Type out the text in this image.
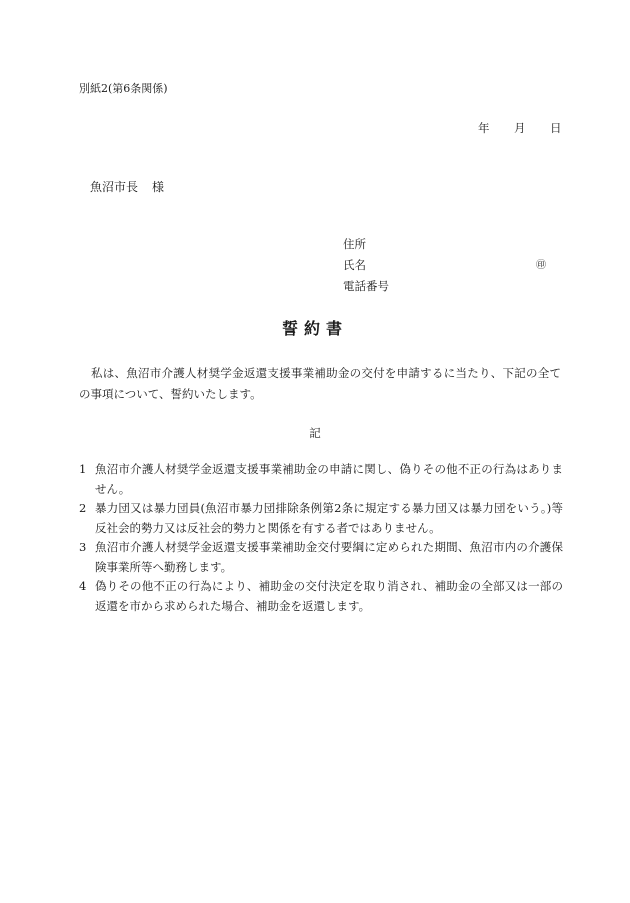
別紙2(第6条関係)
年	月	日
魚沼市長 様
住所
氏名	㊞
電話番号
誓約書
私は、魚沼市介護人材奨学金返還支援事業補助金の交付を申請するに当たり、下記の全ての事項について、誓約いたします。
記
1 魚沼市介護人材奨学金返還支援事業補助金の申請に関し、偽りその他不正の行為はありません。
2 暴力団又は暴力団員(魚沼市暴力団排除条例第2条に規定する暴力団又は暴力団をいう。)等反社会的勢力又は反社会的勢力と関係を有する者ではありません。
3 魚沼市介護人材奨学金返還支援事業補助金交付要綱に定められた期間、魚沼市内の介護保険事業所等へ勤務します。
4 偽りその他不正の行為により、補助金の交付決定を取り消され、補助金の全部又は一部の返還を市から求められた場合、補助金を返還します。
